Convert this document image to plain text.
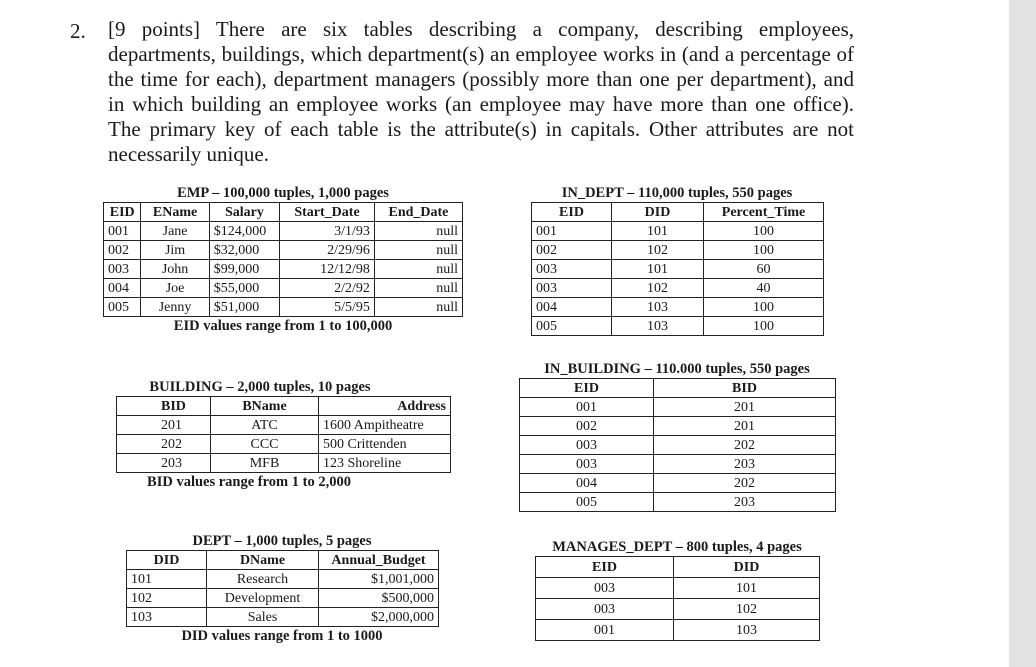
2. [9 points] There are six tables describing a company, describing employees, departments, buildings, which department(s) an employee works in (and a percentage of the time for each), department managers (possibly more than one per department), and in which building an employee works (an employee may have more than one office). The primary key of each table is the attribute(s) in capitals. Other attributes are not necessarily unique.

EMP – 100,000 tuples, 1,000 pages
EID	EName	Salary	Start_Date	End_Date
001	Jane	$124,000	3/1/93	null
002	Jim	$32,000	2/29/96	null
003	John	$99,000	12/12/98	null
004	Joe	$55,000	2/2/92	null
005	Jenny	$51,000	5/5/95	null
EID values range from 1 to 100,000
IN_DEPT – 110,000 tuples, 550 pages
EID	DID	Percent_Time
001	101	100
002	102	100
003	101	60
003	102	40
004	103	100
005	103	100
IN_BUILDING – 110.000 tuples, 550 pages
EID	BID
001	201
002	201
003	202
003	203
004	202
005	203
BUILDING – 2,000 tuples, 10 pages
BID	BName	Address
201	ATC	1600 Ampitheatre
202	CCC	500 Crittenden
203	MFB	123 Shoreline
BID values range from 1 to 2,000
DEPT – 1,000 tuples, 5 pages
DID	DName	Annual_Budget
101	Research	$1,001,000
102	Development	$500,000
103	Sales	$2,000,000
DID values range from 1 to 1000
MANAGES_DEPT – 800 tuples, 4 pages
EID	DID
003	101
003	102
001	103
